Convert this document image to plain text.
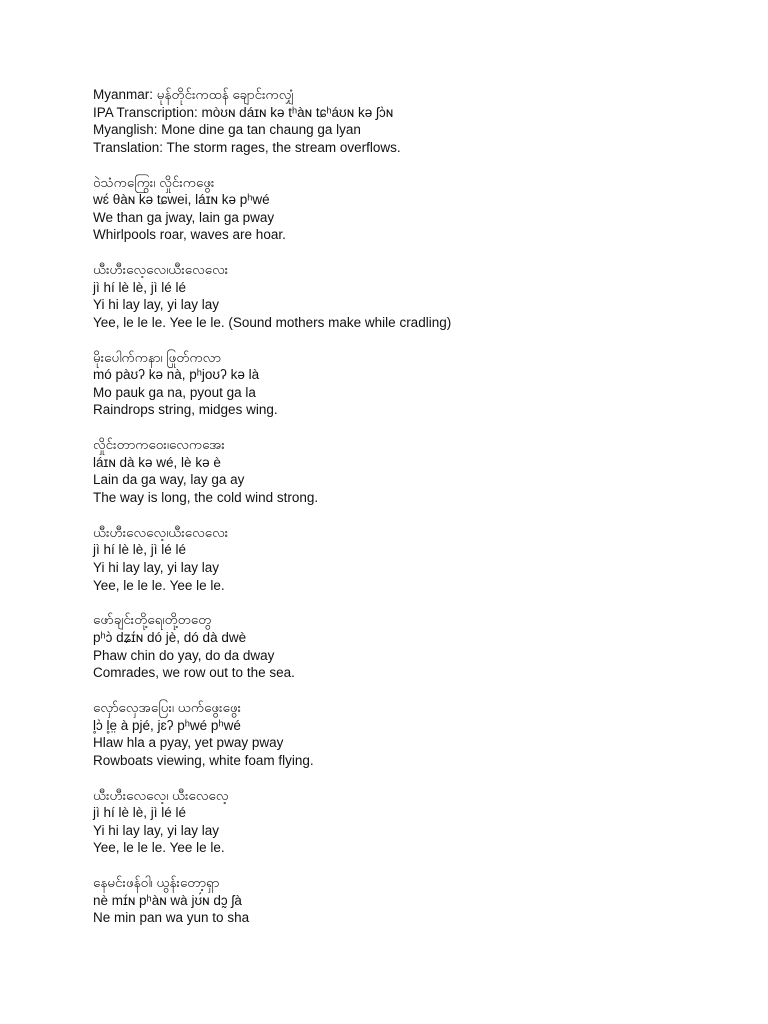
Myanmar: မုန်တိုင်းကထန် ချောင်းကလျှံ
IPA Transcription: mòʊɴ dáɪɴ kə tʰàɴ tɕʰáʊɴ kə ʃɔ̀ɴ
Myanglish: Mone dine ga tan chaung ga lyan
Translation: The storm rages, the stream overflows.
ဝဲသံကကြွေး၊ လှိုင်းကဖွေး
wɛ́ θàɴ kə tɕwei, láɪɴ kə pʰwé
We than ga jway, lain ga pway
Whirlpools roar, waves are hoar.
ယီးဟီးလေ့လေ၊ယီးလေလေး
jì hí lè lè, jì lé lé
Yi hi lay lay, yi lay lay
Yee, le le le. Yee le le. (Sound mothers make while cradling)
မိုးပေါက်ကနာ၊ ဖြုတ်ကလာ
mó pàʊʔ kə nà, pʰjoʊʔ kə là
Mo pauk ga na, pyout ga la
Raindrops string, midges wing.
လှိုင်းတာကဝေး၊လေကအေး
láɪɴ dà kə wé, lè kə è
Lain da ga way, lay ga ay
The way is long, the cold wind strong.
ယီးဟီးလေလေ့၊ယီးလေလေး
jì hí lè lè, jì lé lé
Yi hi lay lay, yi lay lay
Yee, le le le. Yee le le.
ဖော်ချင်းတို့ရေ၊တို့တတွေ
pʰɔ̀ dʑɪ́ɴ dó jè, dó dà dwè
Phaw chin do yay, do da dway
Comrades, we row out to the sea.
လှော်လှေအပြေး၊ ယက်ဖွေးဖွေး
l̥ɔ̀ l̥e̤ à pjé, jɛʔ pʰwé pʰwé
Hlaw hla a pyay, yet pway pway
Rowboats viewing, white foam flying.
ယီးဟီးလေလေ့၊ ယီးလေလေ့
jì hí lè lè, jì lé lé
Yi hi lay lay, yi lay lay
Yee, le le le. Yee le le.
နေမင်းဖန်ဝါ၊ ယွန်းတော့ရှာ
nè mɪ́ɴ pʰàɴ wà jʊ́ɴ dɔ̰ ʃà
Ne min pan wa yun to sha
